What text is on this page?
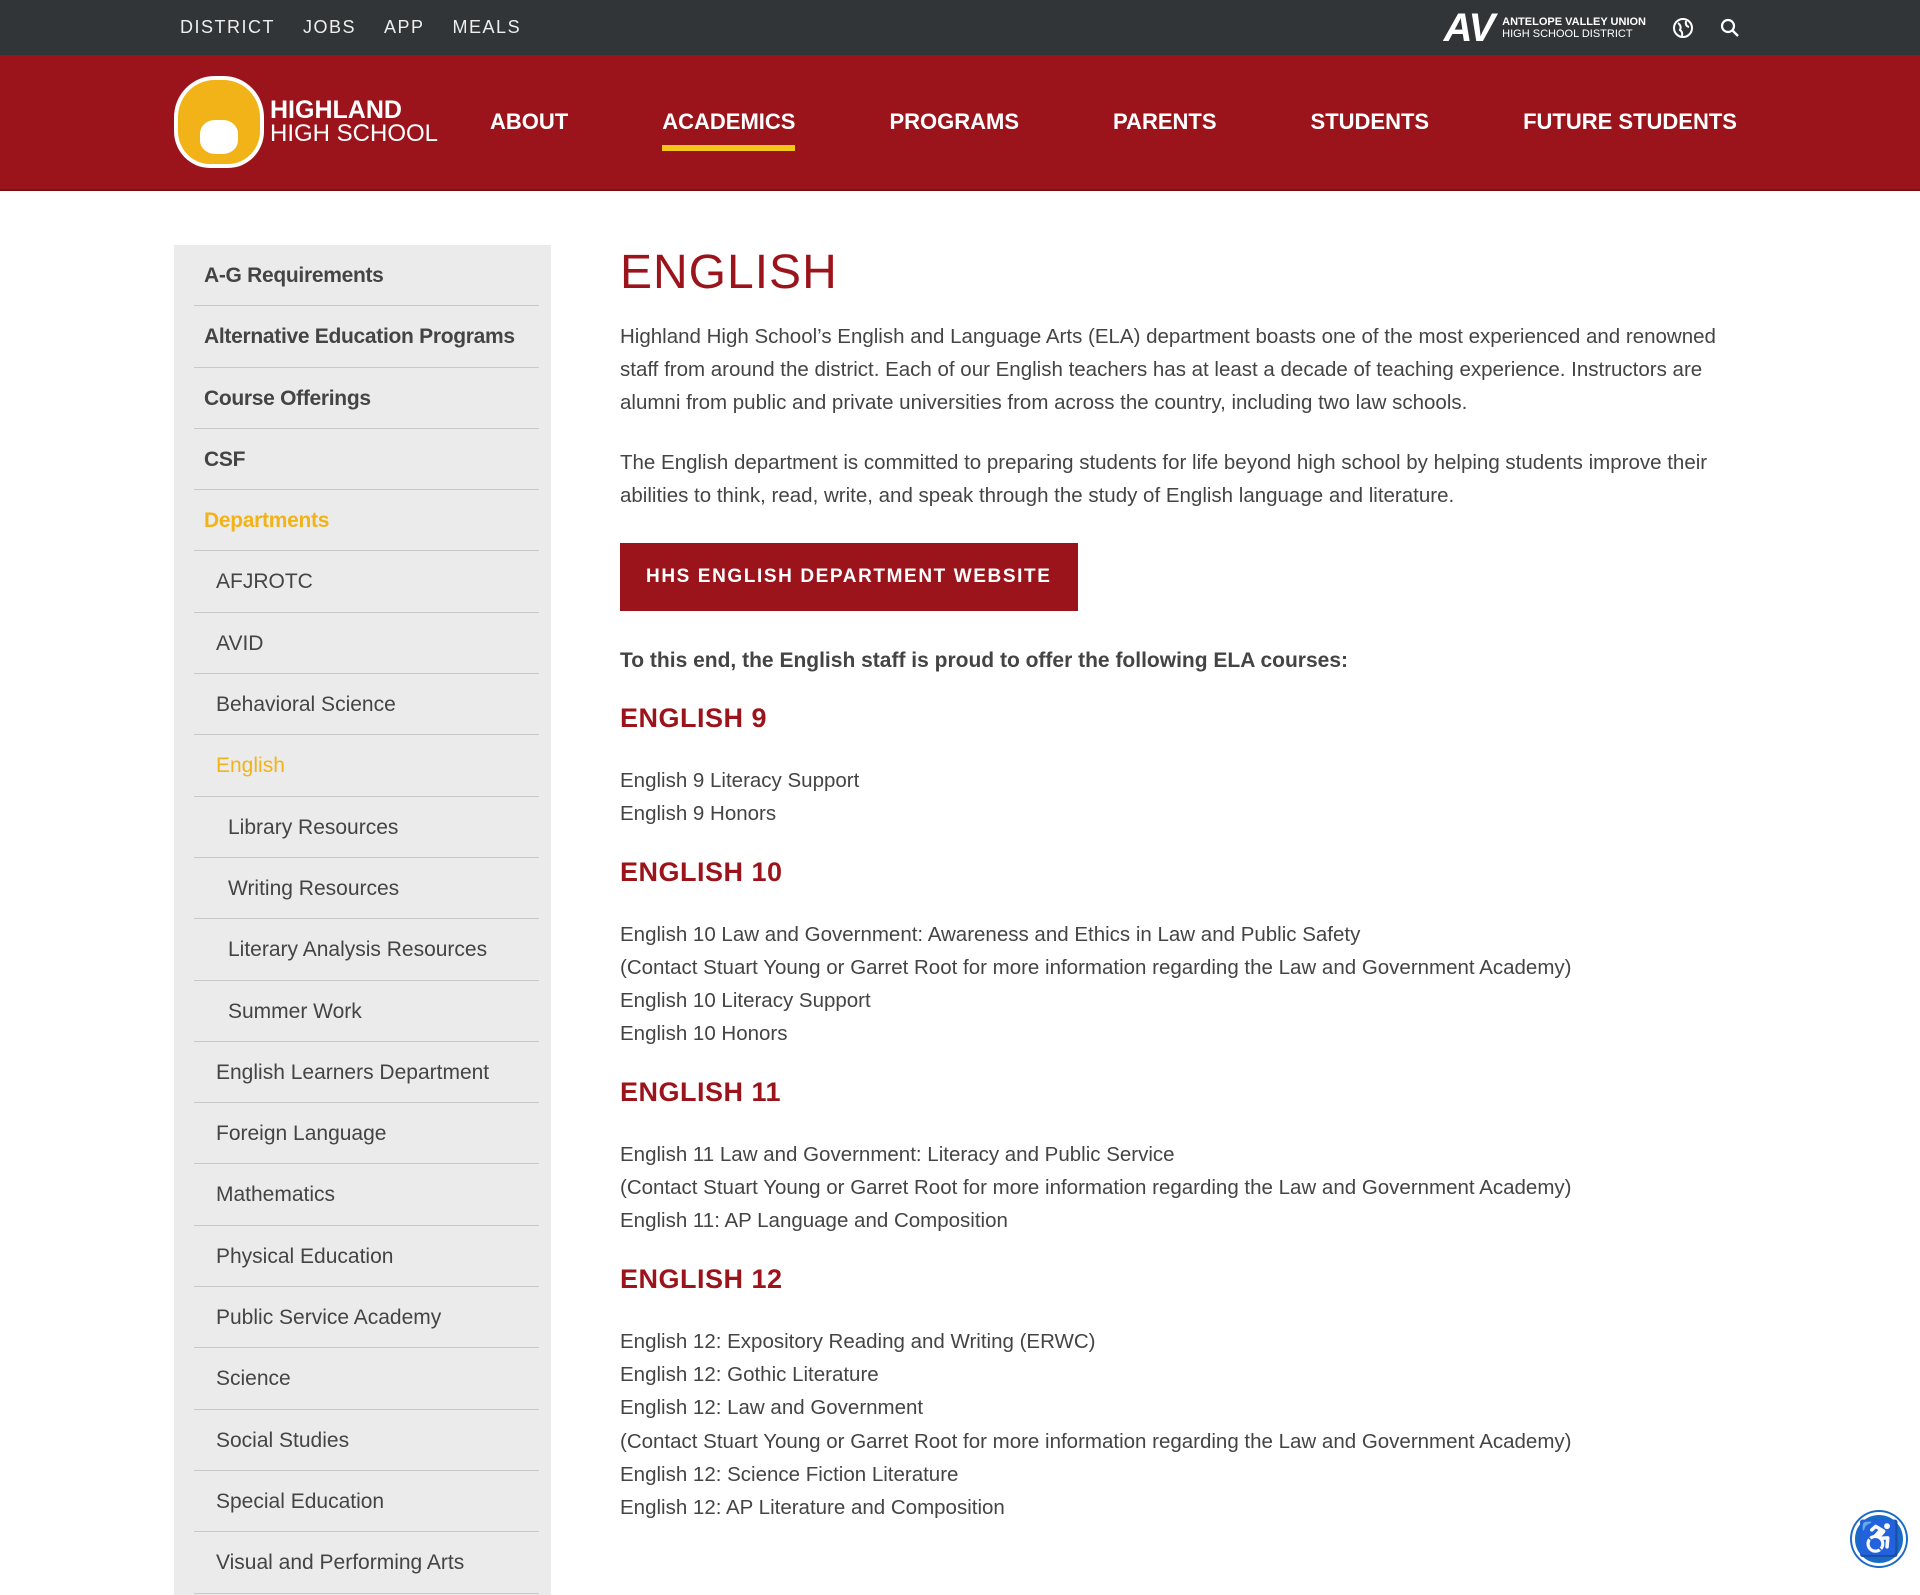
DISTRICT JOBS APP MEALS	AV ANTELOPE VALLEY UNION
HIGH SCHOOL DISTRICT
HIGHLAND
HIGH SCHOOL ABOUT	ACADEMICS	PROGRAMS	PARENTS	STUDENTS	FUTURE STUDENTS
A-G Requirements
Alternative Education Programs
Course Offerings
CSF
Departments
AFJROTC
AVID
Behavioral Science
English
Library Resources
Writing Resources
Literary Analysis Resources
Summer Work
English Learners Department
Foreign Language
Mathematics
Physical Education
Public Service Academy
Science
Social Studies
Special Education
Visual and Performing Arts
ENGLISH

Highland High School’s English and Language Arts (ELA) department boasts one of the most experienced and renowned staff from around the district. Each of our English teachers has at least a decade of teaching experience. Instructors are alumni from public and private universities from across the country, including two law schools.

The English department is committed to preparing students for life beyond high school by helping students improve their abilities to think, read, write, and speak through the study of English language and literature.

HHS ENGLISH DEPARTMENT WEBSITE
To this end, the English staff is proud to offer the following ELA courses:
ENGLISH 9
English 9 Literacy Support
English 9 Honors
ENGLISH 10
English 10 Law and Government: Awareness and Ethics in Law and Public Safety
(Contact Stuart Young or Garret Root for more information regarding the Law and Government Academy)
English 10 Literacy Support
English 10 Honors
ENGLISH 11
English 11 Law and Government: Literacy and Public Service
(Contact Stuart Young or Garret Root for more information regarding the Law and Government Academy)
English 11: AP Language and Composition
ENGLISH 12
English 12: Expository Reading and Writing (ERWC)
English 12: Gothic Literature
English 12: Law and Government
(Contact Stuart Young or Garret Root for more information regarding the Law and Government Academy)
English 12: Science Fiction Literature
English 12: AP Literature and Composition
♿
